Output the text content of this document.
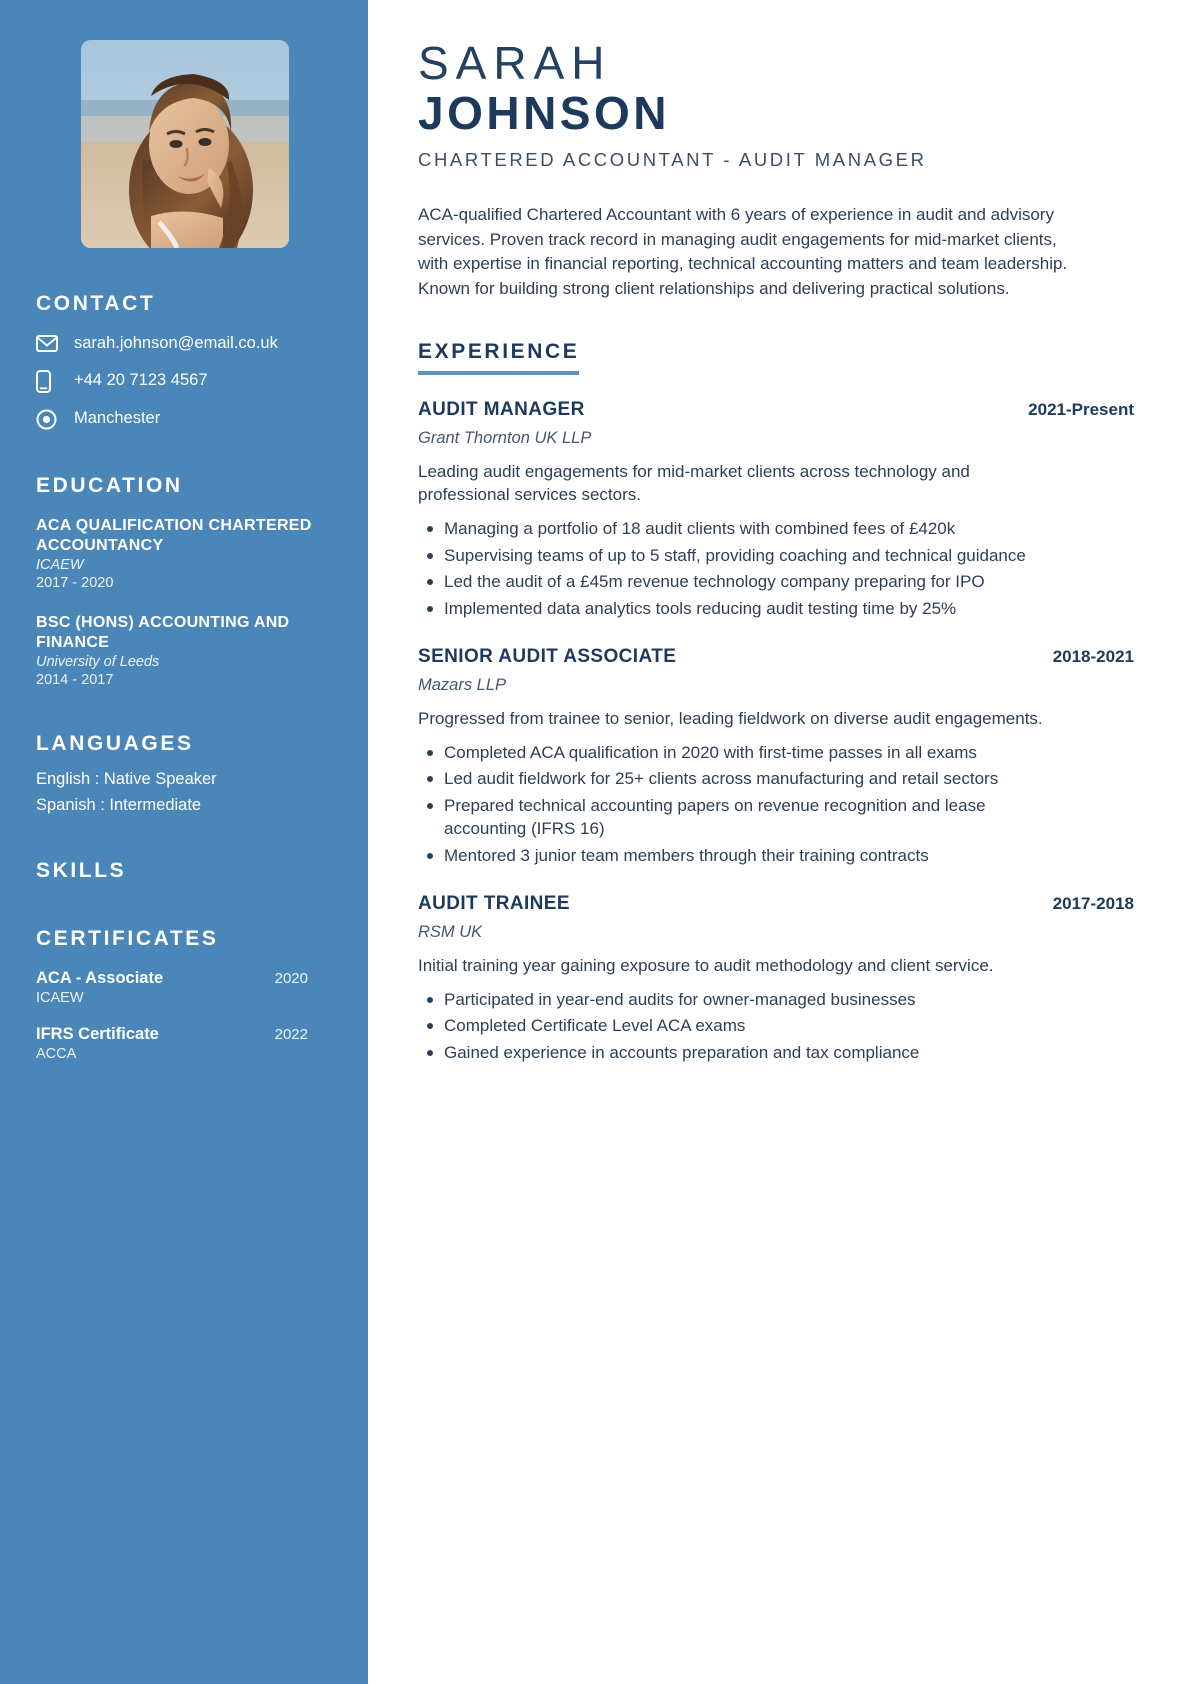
CONTACT
sarah.johnson@email.co.uk
+44 20 7123 4567
Manchester
EDUCATION
ACA QUALIFICATION CHARTERED ACCOUNTANCY
ICAEW
2017 - 2020
BSC (HONS) ACCOUNTING AND FINANCE
University of Leeds
2014 - 2017
LANGUAGES
English : Native Speaker
Spanish : Intermediate
SKILLS
CERTIFICATES
ACA - Associate	2020
ICAEW
IFRS Certificate	2022
ACCA
SARAH
JOHNSON
CHARTERED ACCOUNTANT - AUDIT MANAGER

ACA-qualified Chartered Accountant with 6 years of experience in audit and advisory services. Proven track record in managing audit engagements for mid-market clients, with expertise in financial reporting, technical accounting matters and team leadership. Known for building strong client relationships and delivering practical solutions.

EXPERIENCE
AUDIT MANAGER	2021-Present
Grant Thornton UK LLP
Leading audit engagements for mid-market clients across technology and professional services sectors.
Managing a portfolio of 18 audit clients with combined fees of £420k
Supervising teams of up to 5 staff, providing coaching and technical guidance
Led the audit of a £45m revenue technology company preparing for IPO
Implemented data analytics tools reducing audit testing time by 25%
SENIOR AUDIT ASSOCIATE	2018-2021
Mazars LLP
Progressed from trainee to senior, leading fieldwork on diverse audit engagements.
Completed ACA qualification in 2020 with first-time passes in all exams
Led audit fieldwork for 25+ clients across manufacturing and retail sectors
Prepared technical accounting papers on revenue recognition and lease accounting (IFRS 16)
Mentored 3 junior team members through their training contracts
AUDIT TRAINEE	2017-2018
RSM UK
Initial training year gaining exposure to audit methodology and client service.
Participated in year-end audits for owner-managed businesses
Completed Certificate Level ACA exams
Gained experience in accounts preparation and tax compliance
